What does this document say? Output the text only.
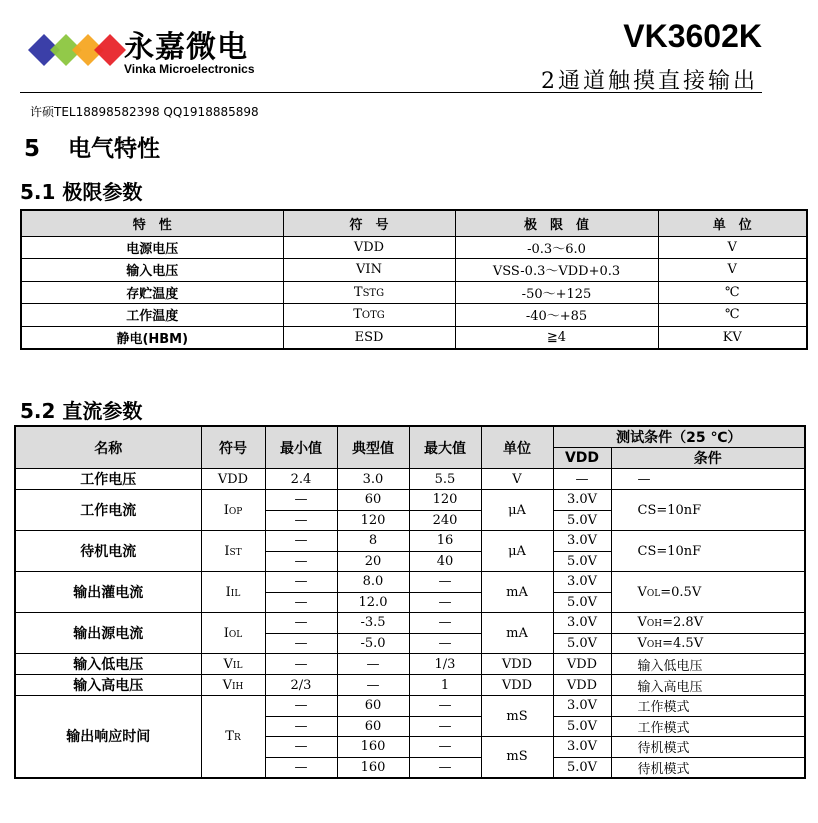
永嘉微电
Vinka Microelectronics
VK3602K
2通道触摸直接输出
许硕TEL18898582398 QQ1918885898
5 电气特性
5.1 极限参数
特　性	符　号	极　限　值	单　位
电源电压	VDD	-0.3～6.0	V
输入电压	VIN	VSS-0.3～VDD+0.3	V
存贮温度	TSTG	-50～+125	℃
工作温度	TOTG	-40～+85	℃
静电(HBM)	ESD	≧4	KV
5.2 直流参数
名称	符号	最小值	典型值	最大值	单位	测试条件（25 ℃）	
						VDD	条件
工作电压	VDD	2.4	3.0	5.5	V	—	—
工作电流	IOP	—	60	120	μA	3.0V	CS=10nF
		—	120	240		5.0V	
待机电流	IST	—	8	16	μA	3.0V	CS=10nF
		—	20	40		5.0V	
输出灌电流	IIL	—	8.0	—	mA	3.0V	VOL=0.5V
		—	12.0	—		5.0V	
输出源电流	IOL	—	-3.5	—	mA	3.0V	VOH=2.8V
		—	-5.0	—		5.0V	VOH=4.5V
输入低电压	VIL	—	—	1/3	VDD	VDD	输入低电压
输入高电压	VIH	2/3	—	1	VDD	VDD	输入高电压
输出响应时间	TR	—	60	—	mS	3.0V	工作模式
		—	60	—		5.0V	工作模式
		—	160	—	mS	3.0V	待机模式
		—	160	—		5.0V	待机模式
